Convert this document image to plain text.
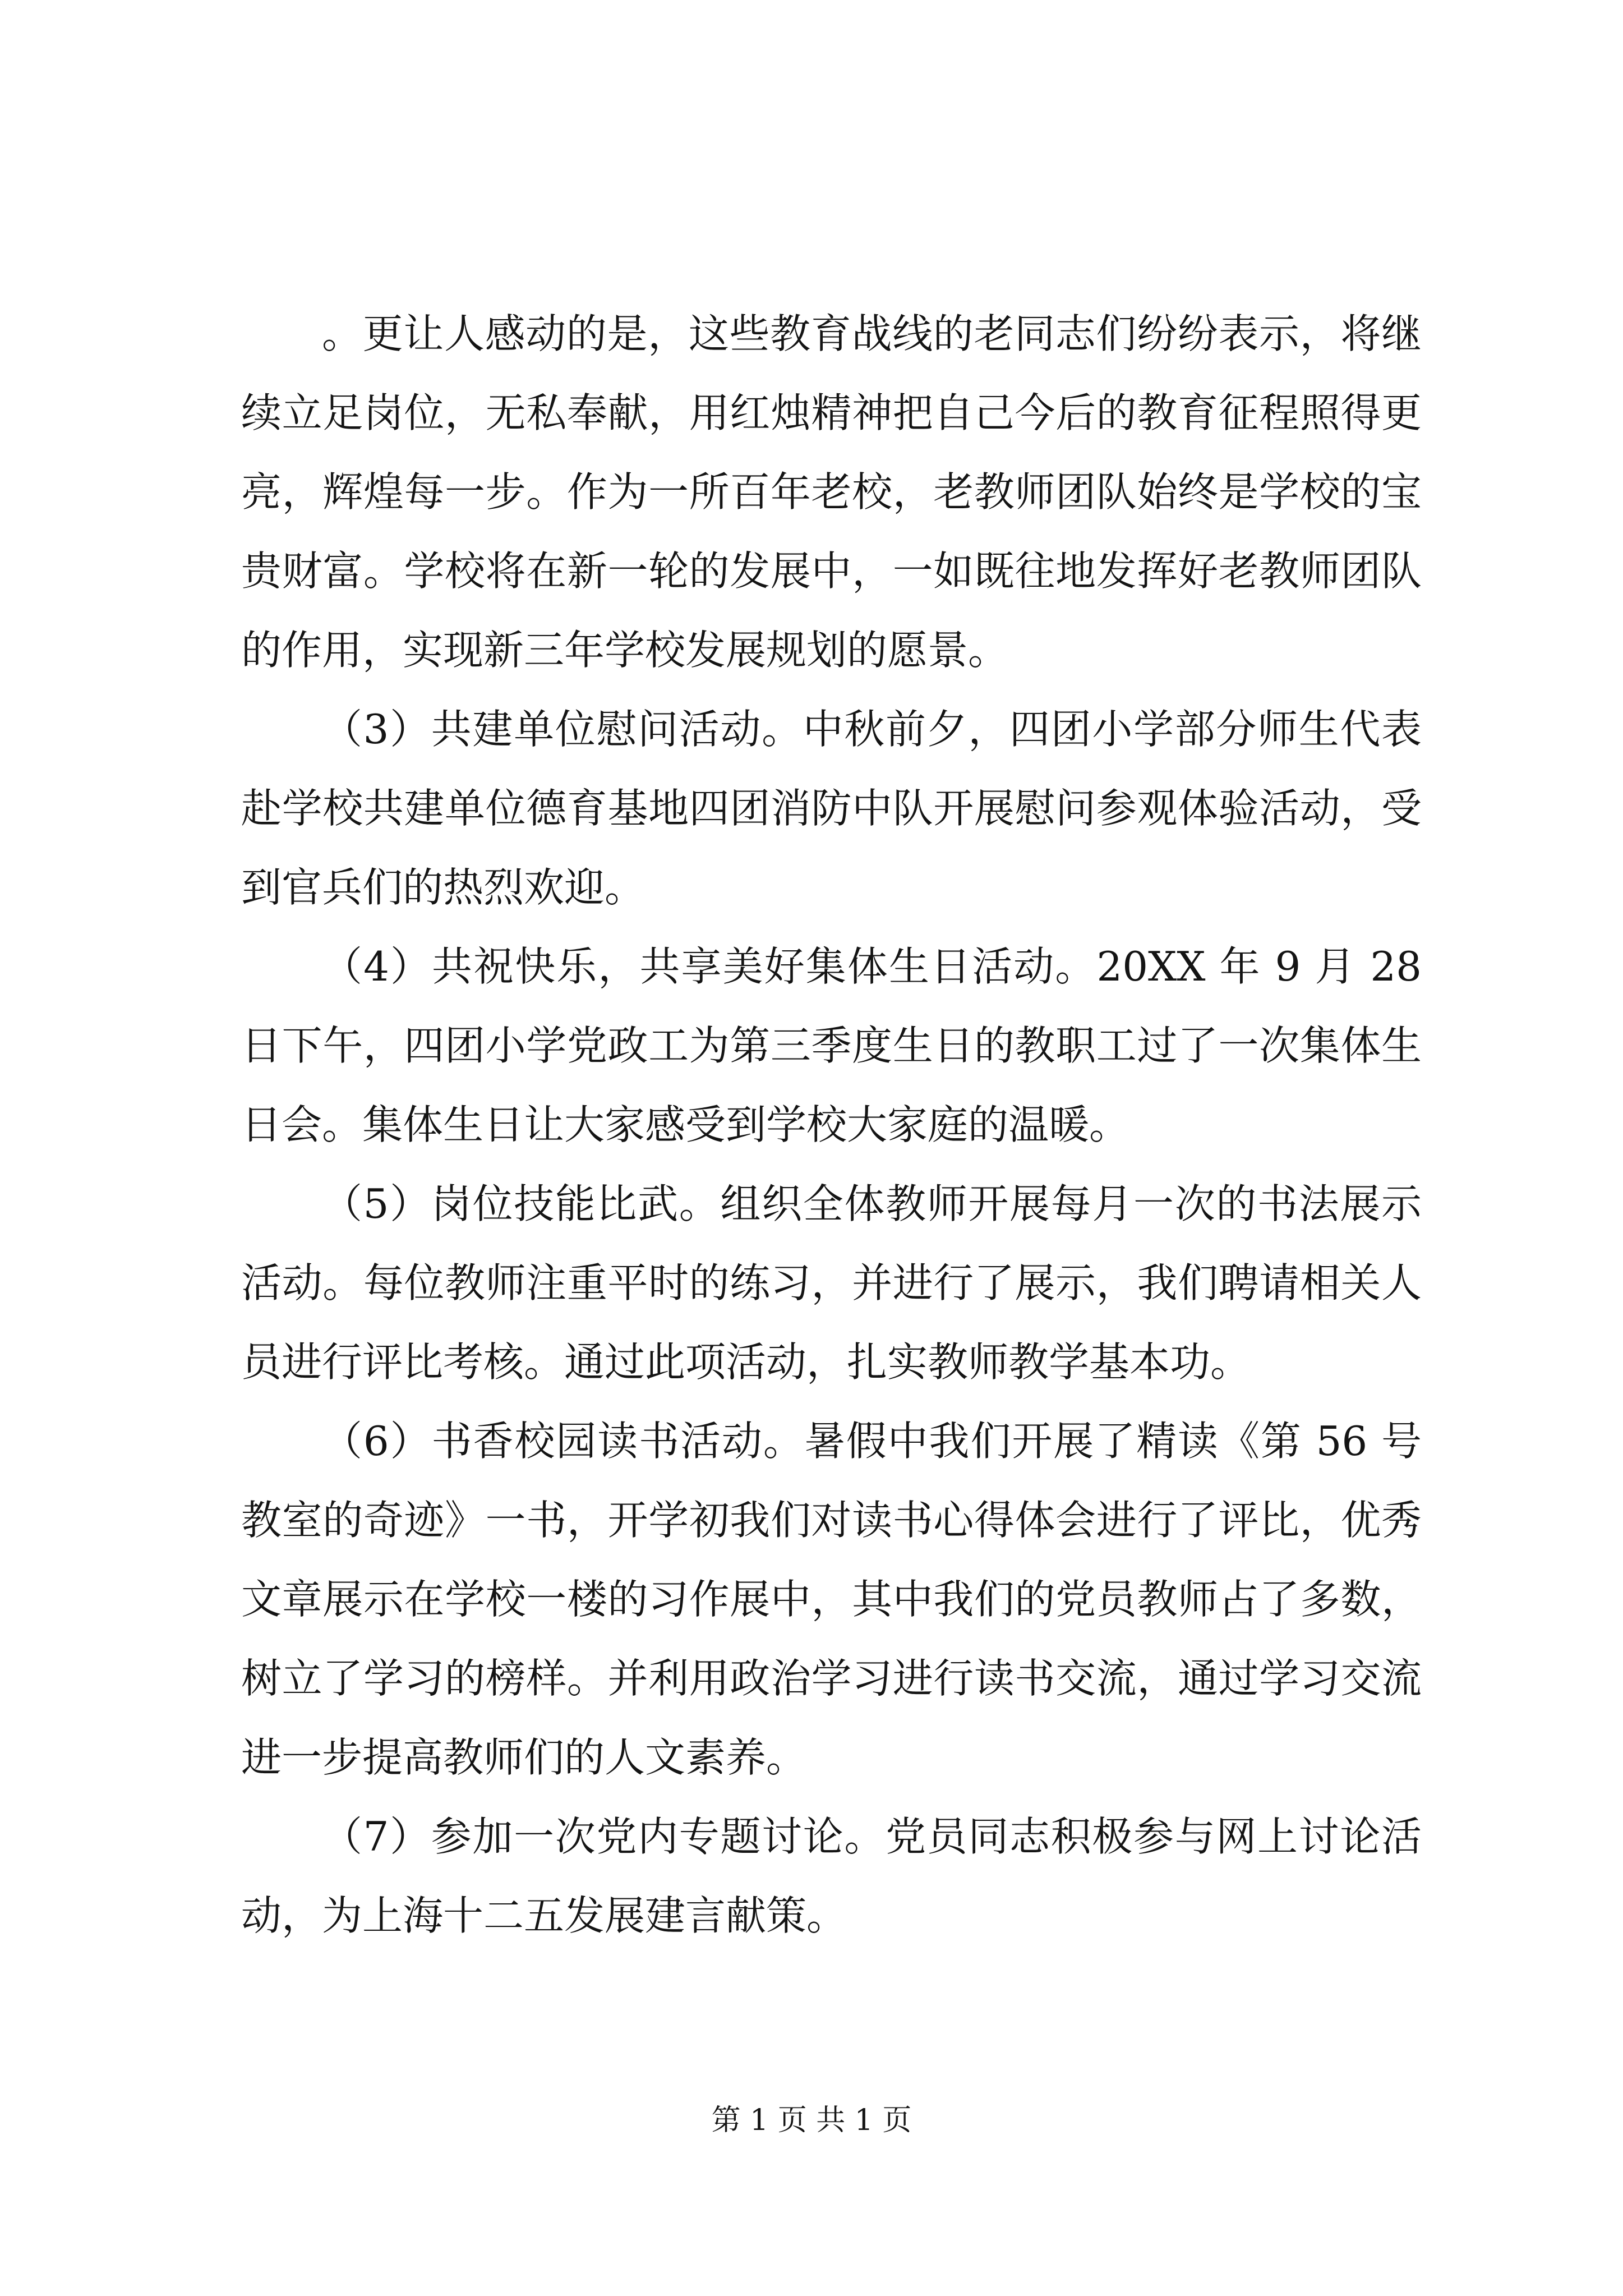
。更让人感动的是，这些教育战线的老同志们纷纷表示，将继续立足岗位，无私奉献，用红烛精神把自己今后的教育征程照得更亮，辉煌每一步。作为一所百年老校，老教师团队始终是学校的宝贵财富。学校将在新一轮的发展中，一如既往地发挥好老教师团队的作用，实现新三年学校发展规划的愿景。

（3）共建单位慰问活动。中秋前夕，四团小学部分师生代表赴学校共建单位德育基地四团消防中队开展慰问参观体验活动，受到官兵们的热烈欢迎。

（4）共祝快乐，共享美好集体生日活动。20XX 年 9 月 28 日下午，四团小学党政工为第三季度生日的教职工过了一次集体生日会。集体生日让大家感受到学校大家庭的温暖。

（5）岗位技能比武。组织全体教师开展每月一次的书法展示活动。每位教师注重平时的练习，并进行了展示，我们聘请相关人员进行评比考核。通过此项活动，扎实教师教学基本功。

（6）书香校园读书活动。暑假中我们开展了精读《第 56 号教室的奇迹》一书，开学初我们对读书心得体会进行了评比，优秀文章展示在学校一楼的习作展中，其中我们的党员教师占了多数，树立了学习的榜样。并利用政治学习进行读书交流，通过学习交流进一步提高教师们的人文素养。

（7）参加一次党内专题讨论。党员同志积极参与网上讨论活动，为上海十二五发展建言献策。

第 1 页 共 1 页
